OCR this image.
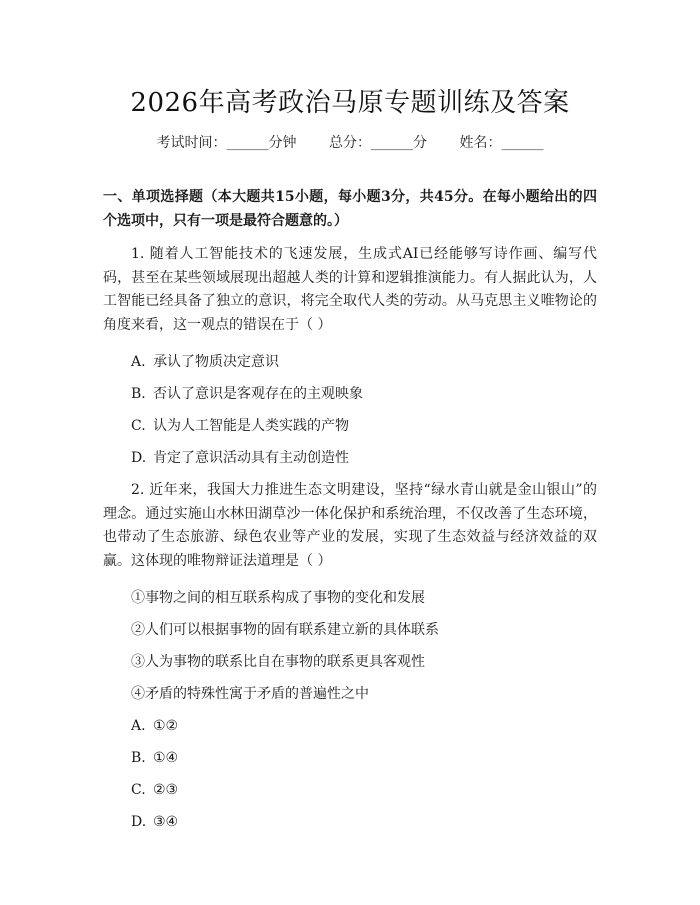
2026年高考政治马原专题训练及答案
考试时间：______分钟 总分：______分 姓名：______
一、单项选择题（本大题共15小题，每小题3分，共45分。在每小题给出的四个选项中，只有一项是最符合题意的。）
1. 随着人工智能技术的飞速发展，生成式AI已经能够写诗作画、编写代码，甚至在某些领域展现出超越人类的计算和逻辑推演能力。有人据此认为，人工智能已经具备了独立的意识，将完全取代人类的劳动。从马克思主义唯物论的角度来看，这一观点的错误在于（ ）
A. 承认了物质决定意识
B. 否认了意识是客观存在的主观映象
C. 认为人工智能是人类实践的产物
D. 肯定了意识活动具有主动创造性
2. 近年来，我国大力推进生态文明建设，坚持“绿水青山就是金山银山”的理念。通过实施山水林田湖草沙一体化保护和系统治理，不仅改善了生态环境，也带动了生态旅游、绿色农业等产业的发展，实现了生态效益与经济效益的双赢。这体现的唯物辩证法道理是（ ）
①事物之间的相互联系构成了事物的变化和发展
②人们可以根据事物的固有联系建立新的具体联系
③人为事物的联系比自在事物的联系更具客观性
④矛盾的特殊性寓于矛盾的普遍性之中
A. ①②
B. ①④
C. ②③
D. ③④
